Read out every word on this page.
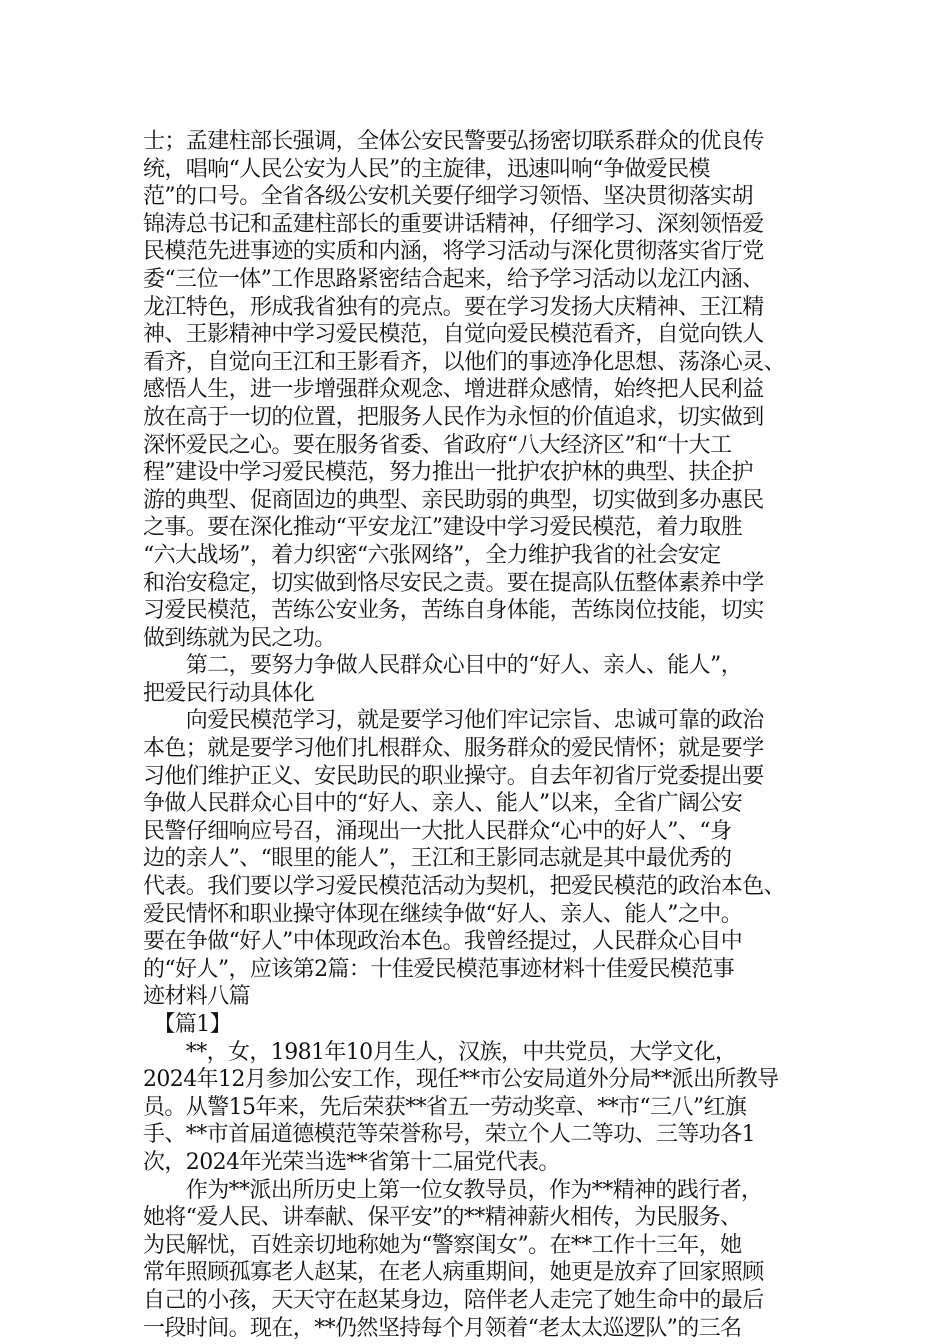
士；孟建柱部长强调，全体公安民警要弘扬密切联系群众的优良传
统，唱响“人民公安为人民”的主旋律，迅速叫响“争做爱民模
范”的口号。全省各级公安机关要仔细学习领悟、坚决贯彻落实胡
锦涛总书记和孟建柱部长的重要讲话精神，仔细学习、深刻领悟爱
民模范先进事迹的实质和内涵，将学习活动与深化贯彻落实省厅党
委“三位一体”工作思路紧密结合起来，给予学习活动以龙江内涵、
龙江特色，形成我省独有的亮点。要在学习发扬大庆精神、王江精
神、王影精神中学习爱民模范，自觉向爱民模范看齐，自觉向铁人
看齐，自觉向王江和王影看齐，以他们的事迹净化思想、荡涤心灵、
感悟人生，进一步增强群众观念、增进群众感情，始终把人民利益
放在高于一切的位置，把服务人民作为永恒的价值追求，切实做到
深怀爱民之心。要在服务省委、省政府“八大经济区”和“十大工
程”建设中学习爱民模范，努力推出一批护农护林的典型、扶企护
游的典型、促商固边的典型、亲民助弱的典型，切实做到多办惠民
之事。要在深化推动“平安龙江”建设中学习爱民模范，着力取胜
“六大战场”，着力织密“六张网络”，全力维护我省的社会安定
和治安稳定，切实做到恪尽安民之责。要在提高队伍整体素养中学
习爱民模范，苦练公安业务，苦练自身体能，苦练岗位技能，切实
做到练就为民之功。
　　第二，要努力争做人民群众心目中的“好人、亲人、能人”，
把爱民行动具体化
　　向爱民模范学习，就是要学习他们牢记宗旨、忠诚可靠的政治
本色；就是要学习他们扎根群众、服务群众的爱民情怀；就是要学
习他们维护正义、安民助民的职业操守。自去年初省厅党委提出要
争做人民群众心目中的“好人、亲人、能人”以来，全省广阔公安
民警仔细响应号召，涌现出一大批人民群众“心中的好人”、“身
边的亲人”、“眼里的能人”，王江和王影同志就是其中最优秀的
代表。我们要以学习爱民模范活动为契机，把爱民模范的政治本色、
爱民情怀和职业操守体现在继续争做“好人、亲人、能人”之中。
要在争做“好人”中体现政治本色。我曾经提过，人民群众心目中
的“好人”，应该第2篇：十佳爱民模范事迹材料十佳爱民模范事
迹材料八篇
　【篇1】
　　**，女，1981年10月生人，汉族，中共党员，大学文化，
2024年12月参加公安工作，现任**市公安局道外分局**派出所教导
员。从警15年来，先后荣获**省五一劳动奖章、**市“三八”红旗
手、**市首届道德模范等荣誉称号，荣立个人二等功、三等功各1
次，2024年光荣当选**省第十二届党代表。
　　作为**派出所历史上第一位女教导员，作为**精神的践行者，
她将“爱人民、讲奉献、保平安”的**精神薪火相传，为民服务、
为民解忧，百姓亲切地称她为“警察闺女”。在**工作十三年，她
常年照顾孤寡老人赵某，在老人病重期间，她更是放弃了回家照顾
自己的小孩，天天守在赵某身边，陪伴老人走完了她生命中的最后
一段时间。现在，**仍然坚持每个月领着“老太太巡逻队”的三名
